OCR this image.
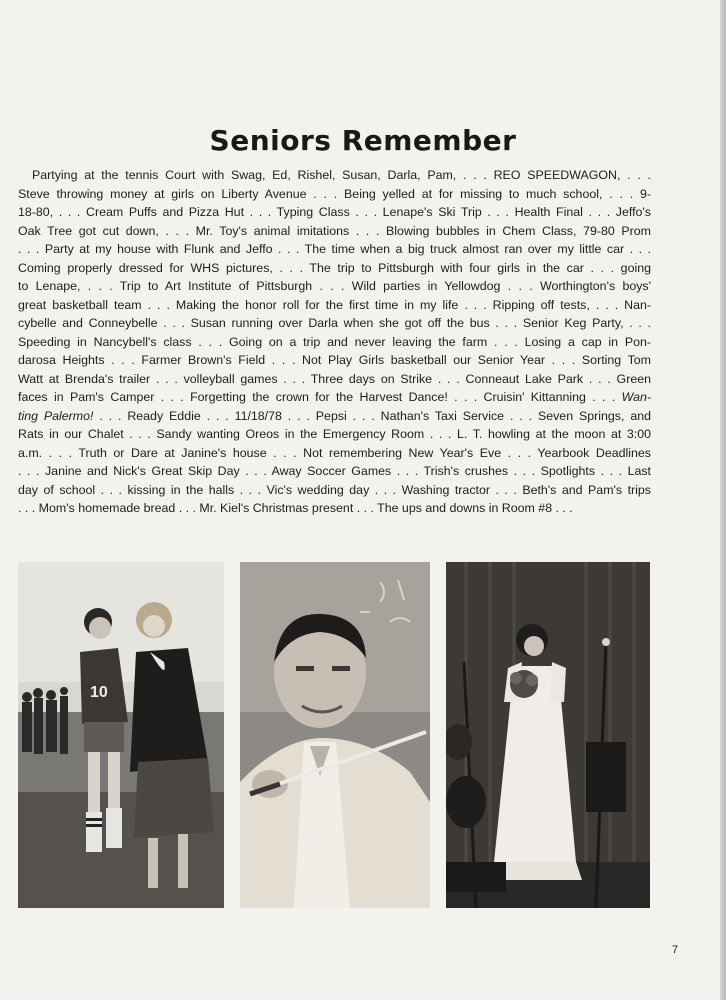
Seniors Remember
Partying at the tennis Court with Swag, Ed, Rishel, Susan, Darla, Pam, . . . REO SPEEDWAGON, . . .
Steve throwing money at girls on Liberty Avenue . . . Being yelled at for missing to much school, . . . 9-
18-80, . . . Cream Puffs and Pizza Hut . . . Typing Class . . . Lenape's Ski Trip . . . Health Final . . . Jeffo's
Oak Tree got cut down, . . . Mr. Toy's animal imitations . . . Blowing bubbles in Chem Class, 79-80 Prom
. . . Party at my house with Flunk and Jeffo . . . The time when a big truck almost ran over my little car . . .
Coming properly dressed for WHS pictures, . . . The trip to Pittsburgh with four girls in the car . . . going
to Lenape, . . . Trip to Art Institute of Pittsburgh . . . Wild parties in Yellowdog . . . Worthington's boys'
great basketball team . . . Making the honor roll for the first time in my life . . . Ripping off tests, . . . Nan-
cybelle and Conneybelle . . . Susan running over Darla when she got off the bus . . . Senior Keg Party, . . .
Speeding in Nancybell's class . . . Going on a trip and never leaving the farm . . . Losing a cap in Pon-
darosa Heights . . . Farmer Brown's Field . . . Not Play Girls basketball our Senior Year . . . Sorting Tom
Watt at Brenda's trailer . . . volleyball games . . . Three days on Strike . . . Conneaut Lake Park . . . Green
faces in Pam's Camper . . . Forgetting the crown for the Harvest Dance! . . . Cruisin' Kittanning . . . Wan-
ting Palermo! . . . Ready Eddie . . . 11/18/78 . . . Pepsi . . . Nathan's Taxi Service . . . Seven Springs, and
Rats in our Chalet . . . Sandy wanting Oreos in the Emergency Room . . . L. T. howling at the moon at 3:00
a.m. . . . Truth or Dare at Janine's house . . . Not remembering New Year's Eve . . . Yearbook Deadlines
. . . Janine and Nick's Great Skip Day . . . Away Soccer Games . . . Trish's crushes . . . Spotlights . . . Last
day of school . . . kissing in the halls . . . Vic's wedding day . . . Washing tractor . . . Beth's and Pam's trips
. . . Mom's homemade bread . . . Mr. Kiel's Christmas present . . . The ups and downs in Room #8 . . .
10
7
